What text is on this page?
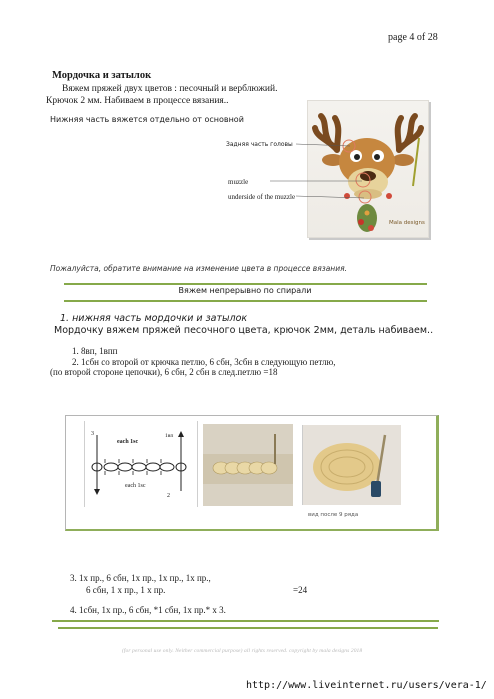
page 4 of 28
Мордочка и затылок
Вяжем пряжей двух цветов : песочный и верблюжий.
Крючок 2 мм. Набиваем в процессе вязания..
Нижняя часть вяжется отдельно от основной
Mala designs
Задняя часть головы
muzzle
underside of the muzzle
Пожалуйста, обратите внимание на изменение цвета в процессе вязания.
Вяжем непрерывно по спирали
1. нижняя часть мордочки и затылок
Мордочку вяжем пряжей песочного цвета, крючок 2мм, деталь набиваем..
1. 8вп, 1впп
2. 1сбн со второй от крючка петлю, 6 сбн, 3сбн в следующую петлю,
(по второй стороне цепочки), 6 сбн, 2 сбн в след.петлю =18
3	1вп
each 1sc
each 1sc
2
вид после 9 ряда
3. 1х пр., 6 сбн, 1х пр., 1х пр., 1х пр.,
6 сбн, 1 х пр., 1 х пр.	=24
4. 1сбн, 1х пр., 6 сбн, *1 сбн, 1х пр.* х 3.
(for personal use only. Neither commercial purpose) all rights reserved. copyright by mala designs 2018
http://www.liveinternet.ru/users/vera-1/
